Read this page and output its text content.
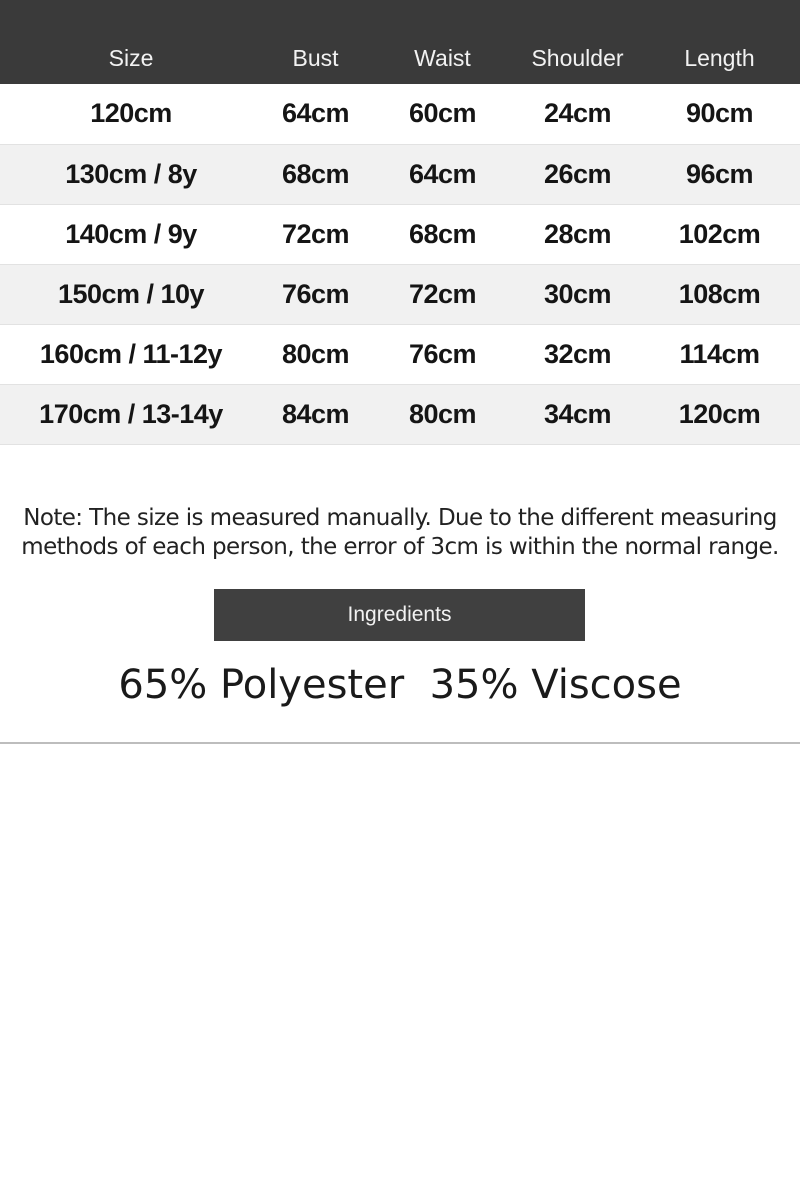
Size	Bust	Waist	Shoulder	Length
120cm	64cm	60cm	24cm	90cm
130cm / 8y	68cm	64cm	26cm	96cm
140cm / 9y	72cm	68cm	28cm	102cm
150cm / 10y	76cm	72cm	30cm	108cm
160cm / 11-12y	80cm	76cm	32cm	114cm
170cm / 13-14y	84cm	80cm	34cm	120cm
Note: The size is measured manually. Due to the different measuring
methods of each person, the error of 3cm is within the normal range.
Ingredients
65% Polyester  35% Viscose
